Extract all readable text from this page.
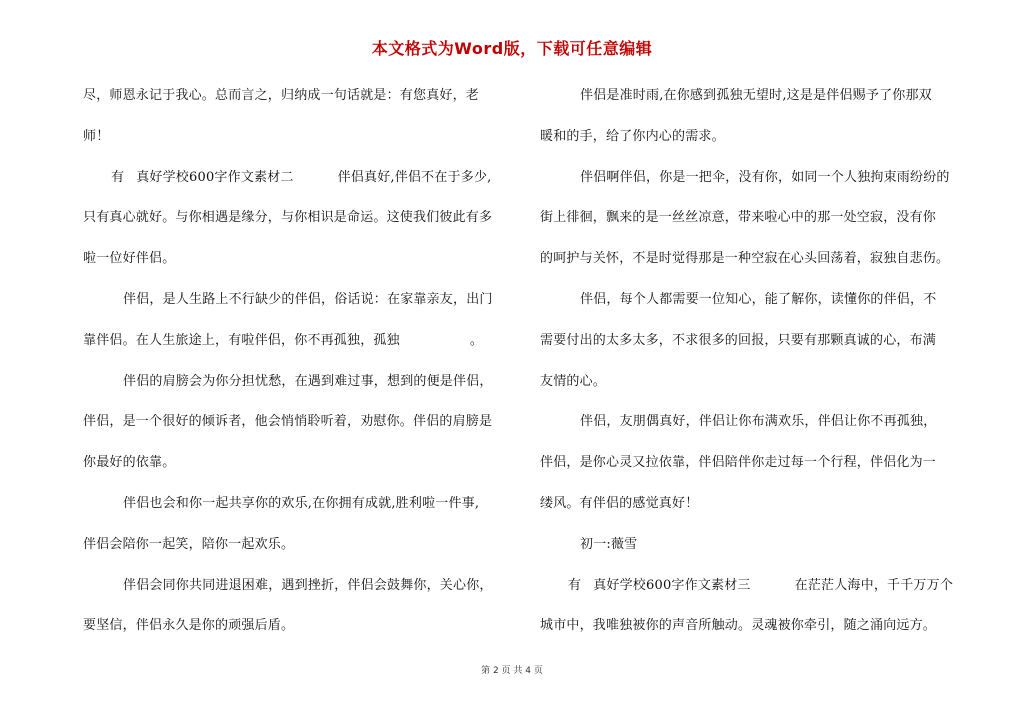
本文格式为Word版，下载可任意编辑
尽，师恩永记于我心。总而言之，归纳成一句话就是：有您真好，老
师！
有 真好学校600字作文素材二	伴侣真好,伴侣不在于多少,
只有真心就好。与你相遇是缘分，与你相识是命运。这使我们彼此有多
啦一位好伴侣。
伴侣，是人生路上不行缺少的伴侣，俗话说：在家靠亲友，出门
靠伴侣。在人生旅途上，有啦伴侣，你不再孤独，孤独	。
伴侣的肩膀会为你分担忧愁，在遇到难过事，想到的便是伴侣，
伴侣，是一个很好的倾诉者，他会悄悄聆听着，劝慰你。伴侣的肩膀是
你最好的依靠。
伴侣也会和你一起共享你的欢乐,在你拥有成就,胜利啦一件事,
伴侣会陪你一起笑，陪你一起欢乐。
伴侣会同你共同进退困难，遇到挫折，伴侣会鼓舞你，关心你，
要坚信，伴侣永久是你的顽强后盾。
伴侣是准时雨,在你感到孤独无望时,这是是伴侣赐予了你那双
暖和的手，给了你内心的需求。
伴侣啊伴侣，你是一把伞，没有你，如同一个人独拘束雨纷纷的
街上徘徊，飘来的是一丝丝凉意，带来啦心中的那一处空寂，没有你
的呵护与关怀，不是时觉得那是一种空寂在心头回荡着，寂独自悲伤。
伴侣，每个人都需要一位知心，能了解你，读懂你的伴侣，不
需要付出的太多太多，不求很多的回报，只要有那颗真诚的心，布满
友情的心。
伴侣，友朋偶真好，伴侣让你布满欢乐，伴侣让你不再孤独，
伴侣，是你心灵又拉依靠，伴侣陪伴你走过每一个行程，伴侣化为一
缕风。有伴侣的感觉真好！
初一:薇雪
有 真好学校600字作文素材三	在茫茫人海中，千千万万个
城市中，我唯独被你的声音所触动。灵魂被你牵引，随之涌向远方。
第 2 页 共 4 页
